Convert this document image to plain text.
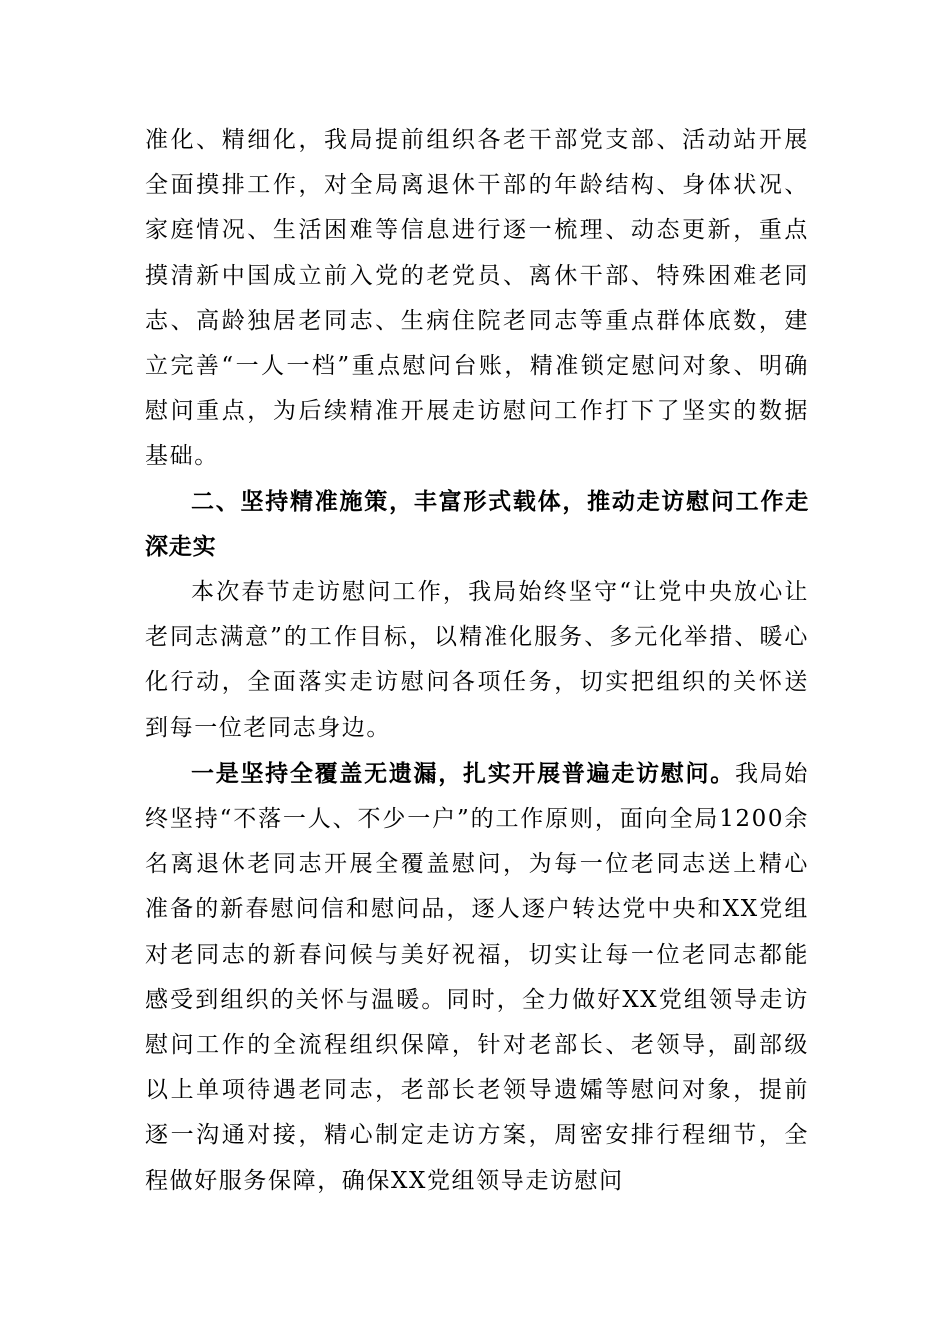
准化、精细化，我局提前组织各老干部党支部、活动站开展全面摸排工作，对全局离退休干部的年龄结构、身体状况、家庭情况、生活困难等信息进行逐一梳理、动态更新，重点摸清新中国成立前入党的老党员、离休干部、特殊困难老同志、高龄独居老同志、生病住院老同志等重点群体底数，建立完善“一人一档”重点慰问台账，精准锁定慰问对象、明确慰问重点，为后续精准开展走访慰问工作打下了坚实的数据基础。

二、坚持精准施策，丰富形式载体，推动走访慰问工作走深走实

本次春节走访慰问工作，我局始终坚守“让党中央放心让老同志满意”的工作目标，以精准化服务、多元化举措、暖心化行动，全面落实走访慰问各项任务，切实把组织的关怀送到每一位老同志身边。

一是坚持全覆盖无遗漏，扎实开展普遍走访慰问。我局始终坚持“不落一人、不少一户”的工作原则，面向全局1200余名离退休老同志开展全覆盖慰问，为每一位老同志送上精心准备的新春慰问信和慰问品，逐人逐户转达党中央和XX党组对老同志的新春问候与美好祝福，切实让每一位老同志都能感受到组织的关怀与温暖。同时，全力做好XX党组领导走访慰问工作的全流程组织保障，针对老部长、老领导，副部级以上单项待遇老同志，老部长老领导遗孀等慰问对象，提前逐一沟通对接，精心制定走访方案，周密安排行程细节，全程做好服务保障，确保XX党组领导走访慰问
